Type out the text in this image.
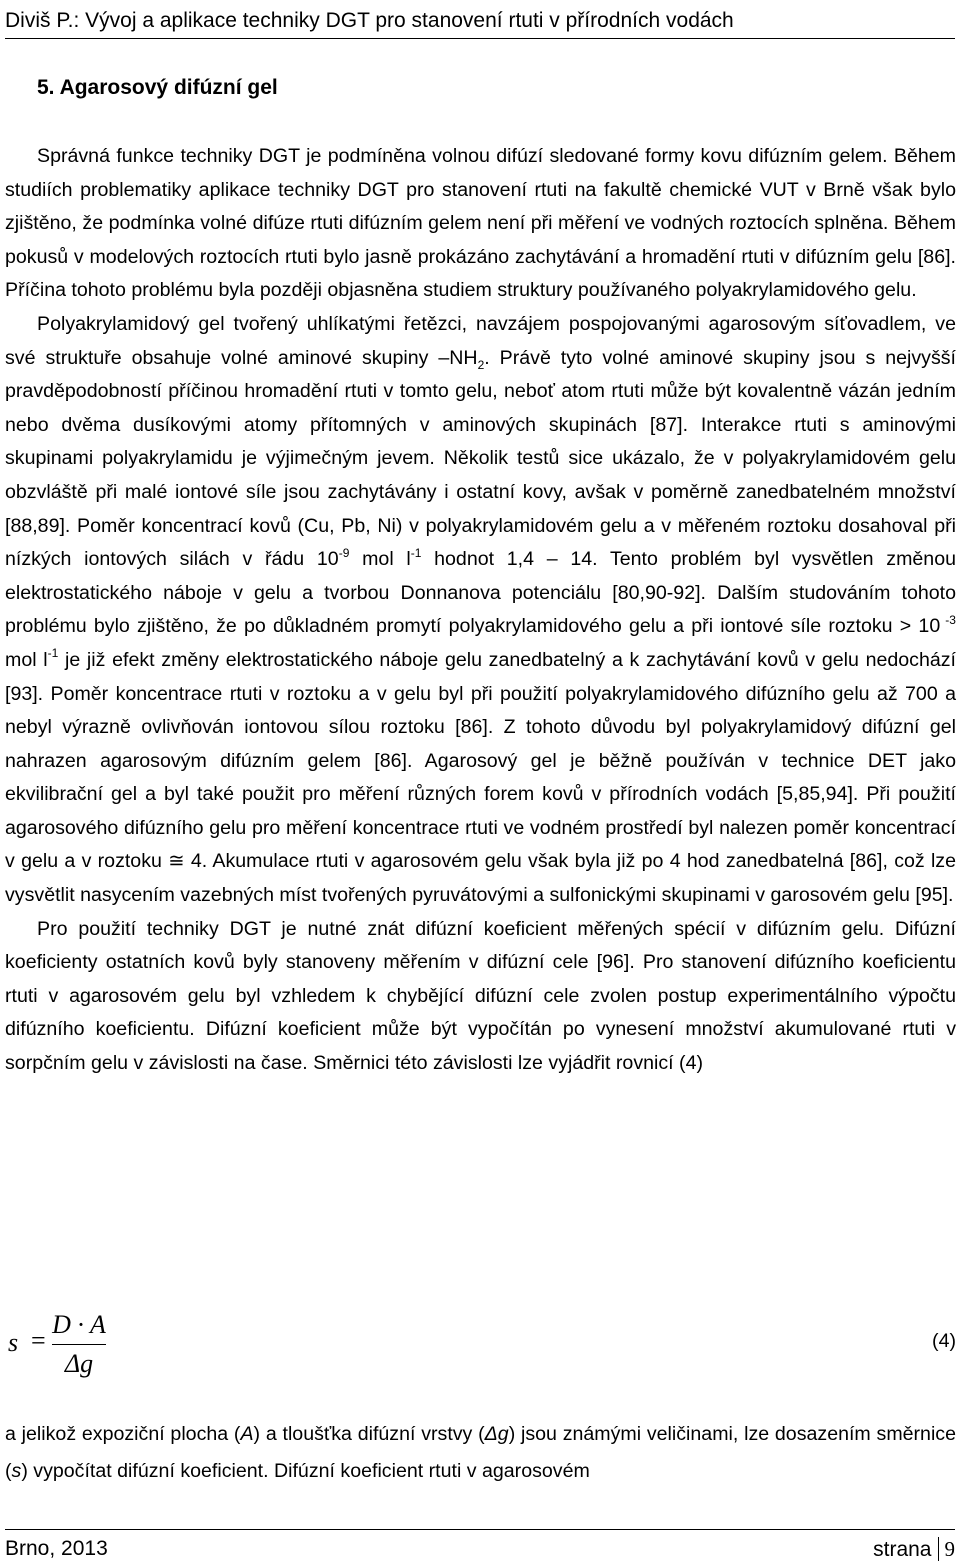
Diviš P.: Vývoj a aplikace techniky DGT pro stanovení rtuti v přírodních vodách
5. Agarosový difúzní gel

Správná funkce techniky DGT je podmíněna volnou difúzí sledované formy kovu difúzním gelem. Během studiích problematiky aplikace techniky DGT pro stanovení rtuti na fakultě chemické VUT v Brně však bylo zjištěno, že podmínka volné difúze rtuti difúzním gelem není při měření ve vodných roztocích splněna. Během pokusů v modelových roztocích rtuti bylo jasně prokázáno zachytávání a hromadění rtuti v difúzním gelu [86]. Příčina tohoto problému byla později objasněna studiem struktury používaného polyakrylamidového gelu.

Polyakrylamidový gel tvořený uhlíkatými řetězci, navzájem pospojovanými agarosovým síťovadlem, ve své struktuře obsahuje volné aminové skupiny $-NH_2$. Právě tyto volné aminové skupiny jsou s nejvyšší pravděpodobností příčinou hromadění rtuti v tomto gelu, neboť atom rtuti může být kovalentně vázán jedním nebo dvěma dusíkovými atomy přítomných v aminových skupinách [87]. Interakce rtuti s aminovými skupinami polyakrylamidu je výjimečným jevem. Několik testů sice ukázalo, že v polyakrylamidovém gelu obzvláště při malé iontové síle jsou zachytávány i ostatní kovy, avšak v poměrně zanedbatelném množství [88,89]. Poměr koncentrací kovů (Cu, Pb, Ni) v polyakrylamidovém gelu a v měřeném roztoku dosahoval při nízkých iontových silách v řádu $10^{-9}$ mol $l^{-1}$ hodnot 1,4 – 14. Tento problém byl vysvětlen změnou elektrostatického náboje v gelu a tvorbou Donnanova potenciálu [80,90-92]. Dalším studováním tohoto problému bylo zjištěno, že po důkladném promytí polyakrylamidového gelu a při iontové síle roztoku > 10 $^{-3}$ mol $l^{-1}$ je již efekt změny elektrostatického náboje gelu zanedbatelný a k zachytávání kovů v gelu nedochází [93]. Poměr koncentrace rtuti v roztoku a v gelu byl při použití polyakrylamidového difúzního gelu až 700 a nebyl výrazně ovlivňován iontovou sílou roztoku [86]. Z tohoto důvodu byl polyakrylamidový difúzní gel nahrazen agarosovým difúzním gelem [86]. Agarosový gel je běžně používán v technice DET jako ekvilibrační gel a byl také použit pro měření různých forem kovů v přírodních vodách [5,85,94]. Při použití agarosového difúzního gelu pro měření koncentrace rtuti ve vodném prostředí byl nalezen poměr koncentrací v gelu a v roztoku ≅ 4. Akumulace rtuti v agarosovém gelu však byla již po 4 hod zanedbatelná [86], což lze vysvětlit nasycením vazebných míst tvořených pyruvátovými a sulfonickými skupinami v garosovém gelu [95].

Pro použití techniky DGT je nutné znát difúzní koeficient měřených spécií v difúzním gelu. Difúzní koeficienty ostatních kovů byly stanoveny měřením v difúzní cele [96]. Pro stanovení difúzního koeficientu rtuti v agarosovém gelu byl vzhledem k chybějící difúzní cele zvolen postup experimentálního výpočtu difúzního koeficientu. Difúzní koeficient může být vypočítán po vynesení množství akumulované rtuti v sorpčním gelu v závislosti na čase. Směrnici této závislosti lze vyjádřit rovnicí (4)

s =
D · A
Δg
(4)

a jelikož expoziční plocha (A) a tloušťka difúzní vrstvy (Δg) jsou známými veličinami, lze dosazením směrnice (s) vypočítat difúzní koeficient. Difúzní koeficient rtuti v agarosovém

Brno, 2013	strana 9
